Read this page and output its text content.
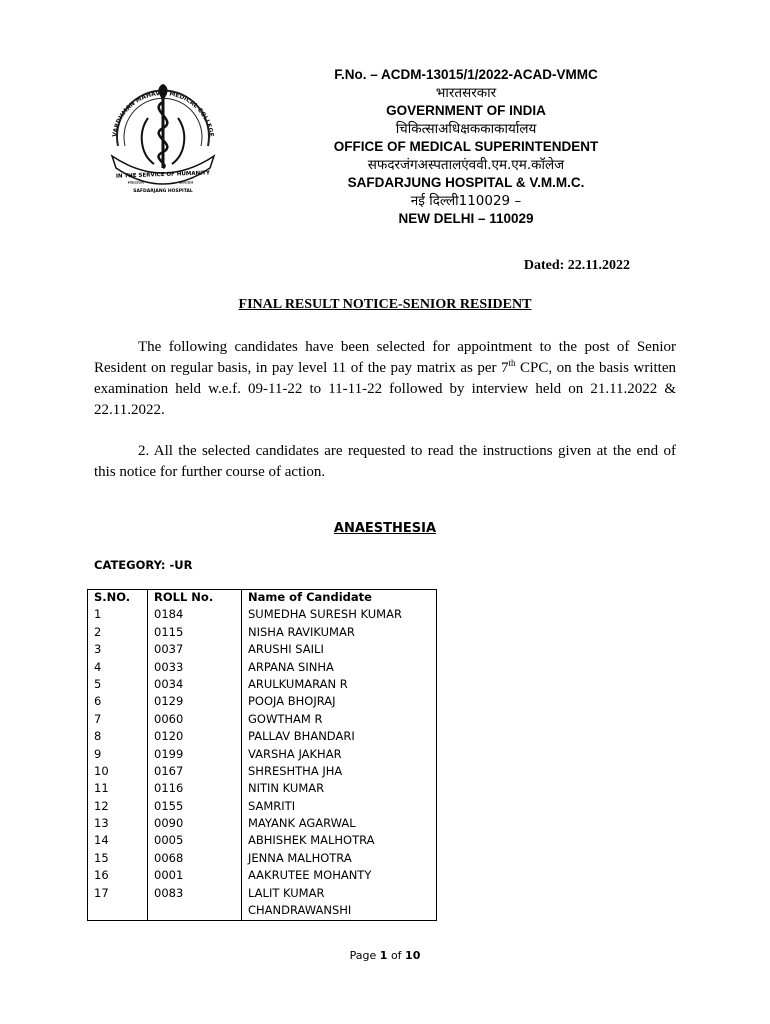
IN THE SERVICE OF HUMANITY
सफदरजंग	अस्पताल
SAFDARJANG HOSPITAL
VARDHMAN MAHAVIR MEDICAL COLLEGE
F.No. – ACDM-13015/1/2022-ACAD-VMMC
भारतसरकार
GOVERNMENT OF INDIA
चिकित्साअधिक्षककाकार्यालय
OFFICE OF MEDICAL SUPERINTENDENT
सफदरजंगअस्पतालएंववी.एम.एम.कॉलेज
SAFDARJUNG HOSPITAL & V.M.M.C.
नई दिल्ली110029 –
NEW DELHI – 110029
Dated: 22.11.2022
FINAL RESULT NOTICE-SENIOR RESIDENT
The following candidates have been selected for appointment to the post of Senior Resident on regular basis, in pay level 11 of the pay matrix as per 7th CPC, on the basis written examination held w.e.f. 09-11-22 to 11-11-22 followed by interview held on 21.11.2022 & 22.11.2022.
2. All the selected candidates are requested to read the instructions given at the end of this notice for further course of action.
ANAESTHESIA
CATEGORY: -UR
S.NO.	ROLL No.	Name of Candidate
1	0184	SUMEDHA SURESH KUMAR
2	0115	NISHA RAVIKUMAR
3	0037	ARUSHI SAILI
4	0033	ARPANA SINHA
5	0034	ARULKUMARAN R
6	0129	POOJA BHOJRAJ
7	0060	GOWTHAM R
8	0120	PALLAV BHANDARI
9	0199	VARSHA JAKHAR
10	0167	SHRESHTHA JHA
11	0116	NITIN KUMAR
12	0155	SAMRITI
13	0090	MAYANK AGARWAL
14	0005	ABHISHEK MALHOTRA
15	0068	JENNA MALHOTRA
16	0001	AAKRUTEE MOHANTY
17	0083	LALIT KUMAR
		CHANDRAWANSHI
Page 1 of 10
